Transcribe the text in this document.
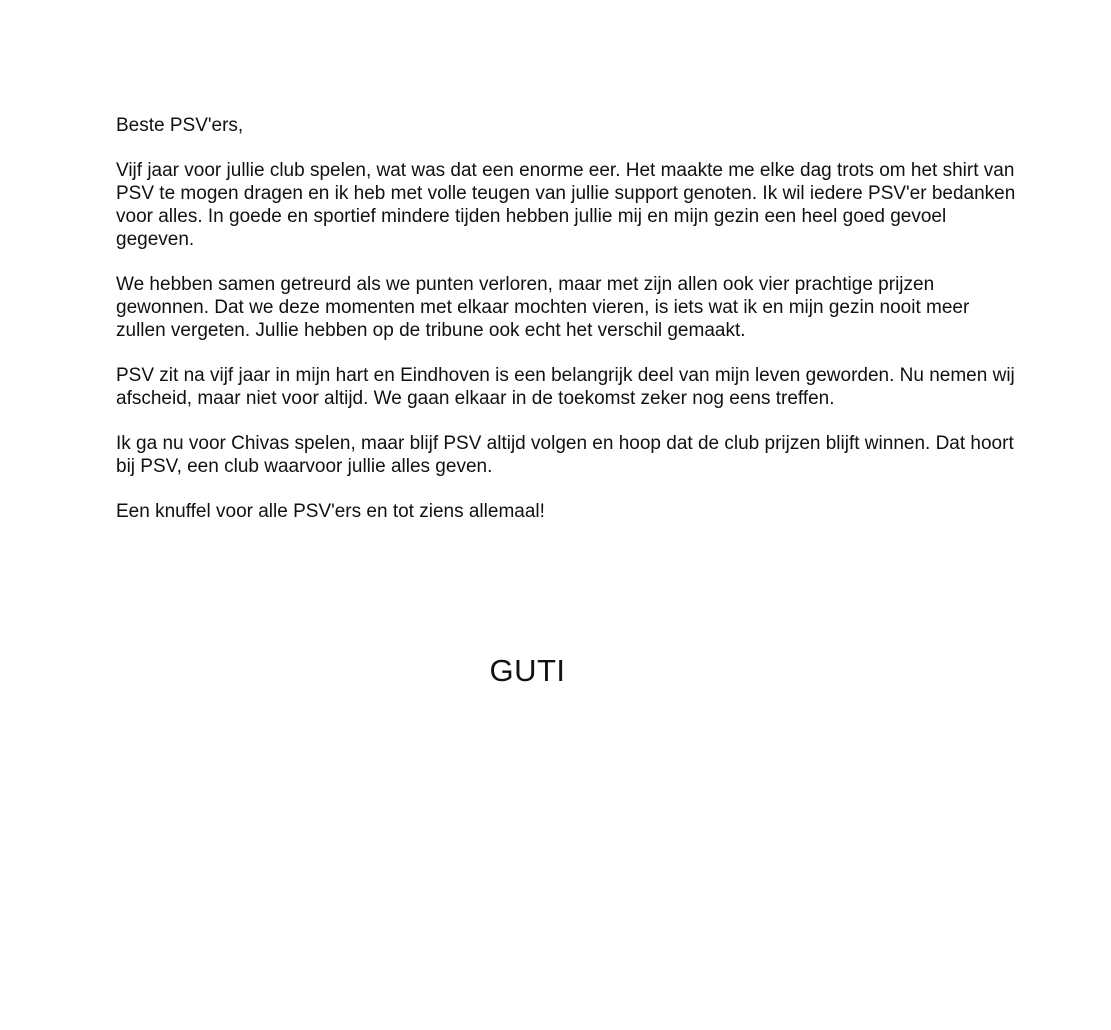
Beste PSV'ers,

Vijf jaar voor jullie club spelen, wat was dat een enorme eer. Het maakte me elke dag trots om het shirt van PSV te mogen dragen en ik heb met volle teugen van jullie support genoten. Ik wil iedere PSV'er bedanken voor alles. In goede en sportief mindere tijden hebben jullie mij en mijn gezin een heel goed gevoel gegeven.

We hebben samen getreurd als we punten verloren, maar met zijn allen ook vier prachtige prijzen gewonnen. Dat we deze momenten met elkaar mochten vieren, is iets wat ik en mijn gezin nooit meer zullen vergeten. Jullie hebben op de tribune ook echt het verschil gemaakt.

PSV zit na vijf jaar in mijn hart en Eindhoven is een belangrijk deel van mijn leven geworden. Nu nemen wij afscheid, maar niet voor altijd. We gaan elkaar in de toekomst zeker nog eens treffen.

Ik ga nu voor Chivas spelen, maar blijf PSV altijd volgen en hoop dat de club prijzen blijft winnen. Dat hoort bij PSV, een club waarvoor jullie alles geven.

Een knuffel voor alle PSV'ers en tot ziens allemaal!

GUTI
